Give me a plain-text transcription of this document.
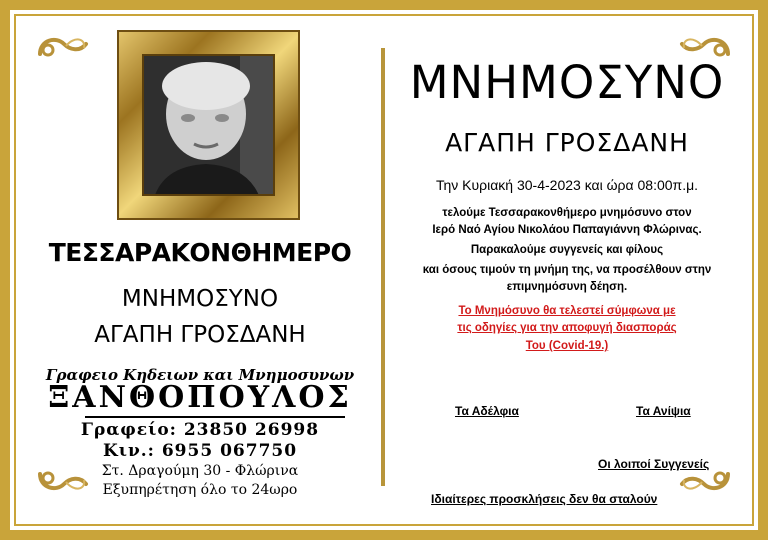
ΤΕΣΣΑΡΑΚΟΝΘΗΜΕΡΟ
ΜΝΗΜΟΣΥΝΟ
ΑΓΑΠΗ ΓΡΟΣΔΑΝΗ
Γραφειο Κηδειων και Μνημοσυνων
ΞΑΝΘΟΠΟΥΛΟΣ
Γραφείο: 23850 26998
Κιν.: 6955 067750
Στ. Δραγούμη 30 - Φλώρινα
Εξυπηρέτηση όλο το 24ωρο
ΜΝΗΜΟΣΥΝΟ
ΑΓΑΠΗ ΓΡΟΣΔΑΝΗ
Την Κυριακή 30-4-2023 και ώρα 08:00π.μ.
τελούμε Τεσσαρακονθήμερο μνημόσυνο στον
Ιερό Ναό Αγίου Νικολάου Παπαγιάννη Φλώρινας.
Παρακαλούμε συγγενείς και φίλους
και όσους τιμούν τη μνήμη της, να προσέλθουν στην
επιμνημόσυνη δέηση.
Το Μνημόσυνο θα τελεστεί σύμφωνα με
τις οδηγίες για την αποφυγή διασποράς
Του (Covid-19.)
Τα Αδέλφια	Τα Ανίψια
Οι λοιποί Συγγενείς
Ιδιαίτερες προσκλήσεις δεν θα σταλούν
